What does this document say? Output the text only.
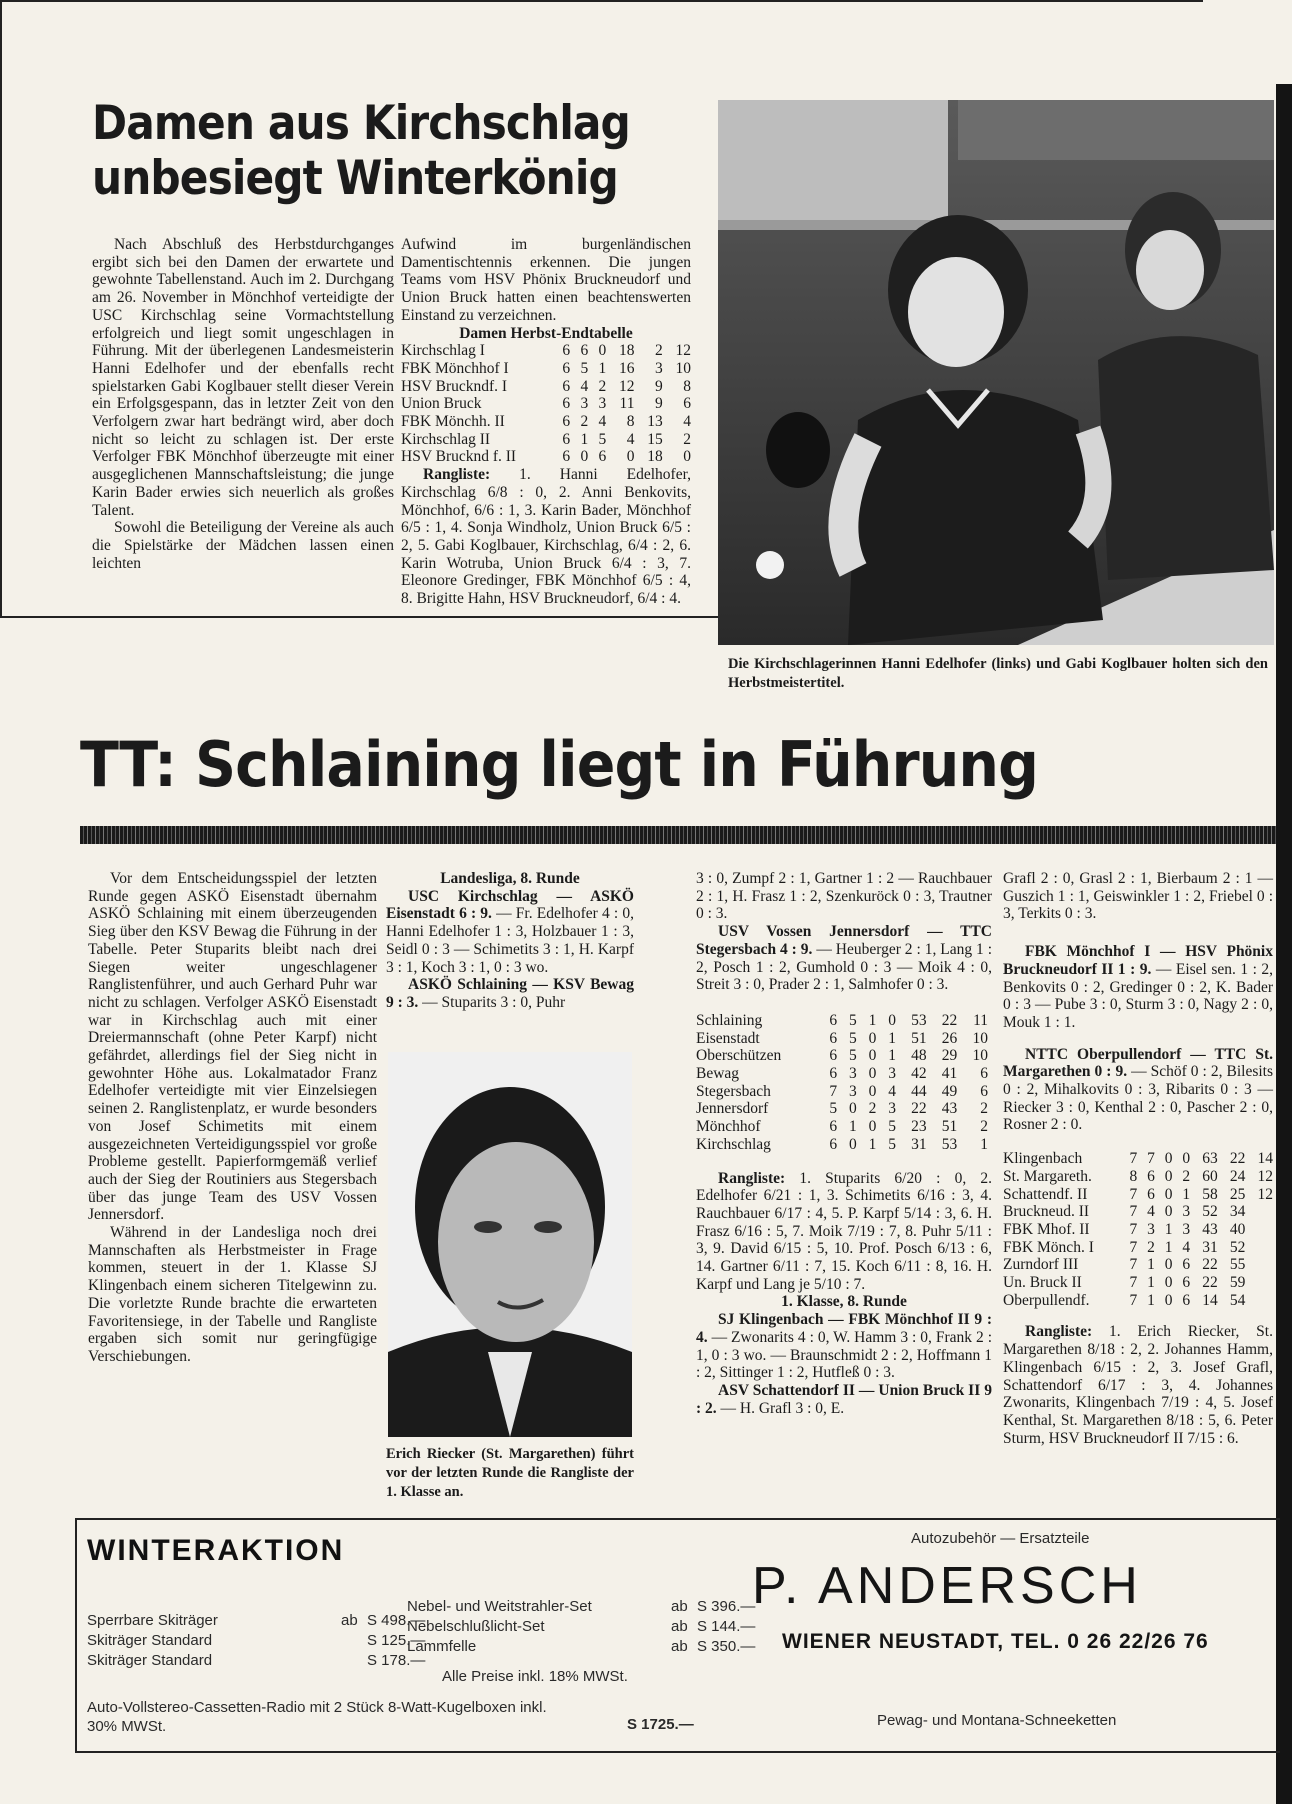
Damen aus Kirchschlag
unbesiegt Winterkönig

Nach Abschluß des Herbstdurchganges ergibt sich bei den Damen der erwartete und gewohnte Tabellenstand. Auch im 2. Durchgang am 26. November in Mönchhof verteidigte der USC Kirchschlag seine Vormachtstellung erfolgreich und liegt somit ungeschlagen in Führung. Mit der überlegenen Landesmeisterin Hanni Edelhofer und der ebenfalls recht spielstarken Gabi Koglbauer stellt dieser Verein ein Erfolgsgespann, das in letzter Zeit von den Verfolgern zwar hart bedrängt wird, aber doch nicht so leicht zu schlagen ist. Der erste Verfolger FBK Mönchhof überzeugte mit einer ausgeglichenen Mannschaftsleistung; die junge Karin Bader erwies sich neuerlich als großes Talent.

Sowohl die Beteiligung der Vereine als auch die Spielstärke der Mädchen lassen einen leichten

Aufwind im burgenländischen Damentischtennis erkennen. Die jungen Teams vom HSV Phönix Bruckneudorf und Union Bruck hatten einen beachtenswerten Einstand zu verzeichnen.

Damen Herbst-Endtabelle

Kirchschlag I	6	6	0	18	2	12
FBK Mönchhof I	6	5	1	16	3	10
HSV Bruckndf. I	6	4	2	12	9	8
Union Bruck	6	3	3	11	9	6
FBK Mönchh. II	6	2	4	8	13	4
Kirchschlag II	6	1	5	4	15	2
HSV Brucknd f. II	6	0	6	0	18	0

Rangliste: 1. Hanni Edelhofer, Kirchschlag 6/8 : 0, 2. Anni Benkovits, Mönchhof, 6/6 : 1, 3. Karin Bader, Mönchhof 6/5 : 1, 4. Sonja Windholz, Union Bruck 6/5 : 2, 5. Gabi Koglbauer, Kirchschlag, 6/4 : 2, 6. Karin Wotruba, Union Bruck 6/4 : 3, 7. Eleonore Gredinger, FBK Mönchhof 6/5 : 4, 8. Brigitte Hahn, HSV Bruckneudorf, 6/4 : 4.

Die Kirchschlagerinnen Hanni Edelhofer (links) und Gabi Koglbauer holten sich den Herbstmeistertitel.
TT: Schlaining liegt in Führung

Vor dem Entscheidungsspiel der letzten Runde gegen ASKÖ Eisenstadt übernahm ASKÖ Schlaining mit einem überzeugenden Sieg über den KSV Bewag die Führung in der Tabelle. Peter Stuparits bleibt nach drei Siegen weiter ungeschlagener Ranglistenführer, und auch Gerhard Puhr war nicht zu schlagen. Verfolger ASKÖ Eisenstadt war in Kirchschlag auch mit einer Dreiermannschaft (ohne Peter Karpf) nicht gefährdet, allerdings fiel der Sieg nicht in gewohnter Höhe aus. Lokalmatador Franz Edelhofer verteidigte mit vier Einzelsiegen seinen 2. Ranglistenplatz, er wurde besonders von Josef Schimetits mit einem ausgezeichneten Verteidigungsspiel vor große Probleme gestellt. Papierformgemäß verlief auch der Sieg der Routiniers aus Stegersbach über das junge Team des USV Vossen Jennersdorf.

Während in der Landesliga noch drei Mannschaften als Herbstmeister in Frage kommen, steuert in der 1. Klasse SJ Klingenbach einem sicheren Titelgewinn zu. Die vorletzte Runde brachte die erwarteten Favoritensiege, in der Tabelle und Rangliste ergaben sich somit nur geringfügige Verschiebungen.

Landesliga, 8. Runde

USC Kirchschlag — ASKÖ Eisenstadt 6 : 9. — Fr. Edelhofer 4 : 0, Hanni Edelhofer 1 : 3, Holzbauer 1 : 3, Seidl 0 : 3 — Schimetits 3 : 1, H. Karpf 3 : 1, Koch 3 : 1, 0 : 3 wo.

ASKÖ Schlaining — KSV Bewag 9 : 3. — Stuparits 3 : 0, Puhr

Erich Riecker (St. Margarethen) führt vor der letzten Runde die Rangliste der 1. Klasse an.

3 : 0, Zumpf 2 : 1, Gartner 1 : 2 — Rauchbauer 2 : 1, H. Frasz 1 : 2, Szenkuröck 0 : 3, Trautner 0 : 3.

USV Vossen Jennersdorf — TTC Stegersbach 4 : 9. — Heuberger 2 : 1, Lang 1 : 2, Posch 1 : 2, Gumhold 0 : 3 — Moik 4 : 0, Streit 3 : 0, Prader 2 : 1, Salmhofer 0 : 3.

Schlaining	6	5	1	0	53	22	11
Eisenstadt	6	5	0	1	51	26	10
Oberschützen	6	5	0	1	48	29	10
Bewag	6	3	0	3	42	41	6
Stegersbach	7	3	0	4	44	49	6
Jennersdorf	5	0	2	3	22	43	2
Mönchhof	6	1	0	5	23	51	2
Kirchschlag	6	0	1	5	31	53	1

Rangliste: 1. Stuparits 6/20 : 0, 2. Edelhofer 6/21 : 1, 3. Schimetits 6/16 : 3, 4. Rauchbauer 6/17 : 4, 5. P. Karpf 5/14 : 3, 6. H. Frasz 6/16 : 5, 7. Moik 7/19 : 7, 8. Puhr 5/11 : 3, 9. David 6/15 : 5, 10. Prof. Posch 6/13 : 6, 14. Gartner 6/11 : 7, 15. Koch 6/11 : 8, 16. H. Karpf und Lang je 5/10 : 7.

1. Klasse, 8. Runde

SJ Klingenbach — FBK Mönchhof II 9 : 4. — Zwonarits 4 : 0, W. Hamm 3 : 0, Frank 2 : 1, 0 : 3 wo. — Braunschmidt 2 : 2, Hoffmann 1 : 2, Sittinger 1 : 2, Hutfleß 0 : 3.

ASV Schattendorf II — Union Bruck II 9 : 2. — H. Grafl 3 : 0, E.

Grafl 2 : 0, Grasl 2 : 1, Bierbaum 2 : 1 — Guszich 1 : 1, Geiswinkler 1 : 2, Friebel 0 : 3, Terkits 0 : 3.

FBK Mönchhof I — HSV Phönix Bruckneudorf II 1 : 9. — Eisel sen. 1 : 2, Benkovits 0 : 2, Gredinger 0 : 2, K. Bader 0 : 3 — Pube 3 : 0, Sturm 3 : 0, Nagy 2 : 0, Mouk 1 : 1.

NTTC Oberpullendorf — TTC St. Margarethen 0 : 9. — Schöf 0 : 2, Bilesits 0 : 2, Mihalkovits 0 : 3, Ribarits 0 : 3 — Riecker 3 : 0, Kenthal 2 : 0, Pascher 2 : 0, Rosner 2 : 0.

Klingenbach	7	7	0	0	63	22	14
St. Margareth.	8	6	0	2	60	24	12
Schattendf. II	7	6	0	1	58	25	12
Bruckneud. II	7	4	0	3	52	34	
FBK Mhof. II	7	3	1	3	43	40	
FBK Mönch. I	7	2	1	4	31	52	
Zurndorf III	7	1	0	6	22	55	
Un. Bruck II	7	1	0	6	22	59	
Oberpullendf.	7	1	0	6	14	54	

Rangliste: 1. Erich Riecker, St. Margarethen 8/18 : 2, 2. Johannes Hamm, Klingenbach 6/15 : 2, 3. Josef Grafl, Schattendorf 6/17 : 3, 4. Johannes Zwonarits, Klingenbach 7/19 : 4, 5. Josef Kenthal, St. Margarethen 8/18 : 5, 6. Peter Sturm, HSV Bruckneudorf II 7/15 : 6.

WINTERAKTION
Sperrbare Skiträger	ab S 498.—
Skiträger Standard	S 125.—
Skiträger Standard	S 178.—
Nebel- und Weitstrahler-Set	ab S 396.—
Nebelschlußlicht-Set	ab S 144.—
Lammfelle	ab S 350.—
Alle Preise inkl. 18% MWSt.
Auto-Vollstereo-Cassetten-Radio mit 2 Stück 8-Watt-Kugelboxen inkl. 30% MWSt.	S 1725.—
Autozubehör — Ersatzteile
P. ANDERSCH
WIENER NEUSTADT, TEL. 0 26 22/26 76
Pewag- und Montana-Schneeketten
